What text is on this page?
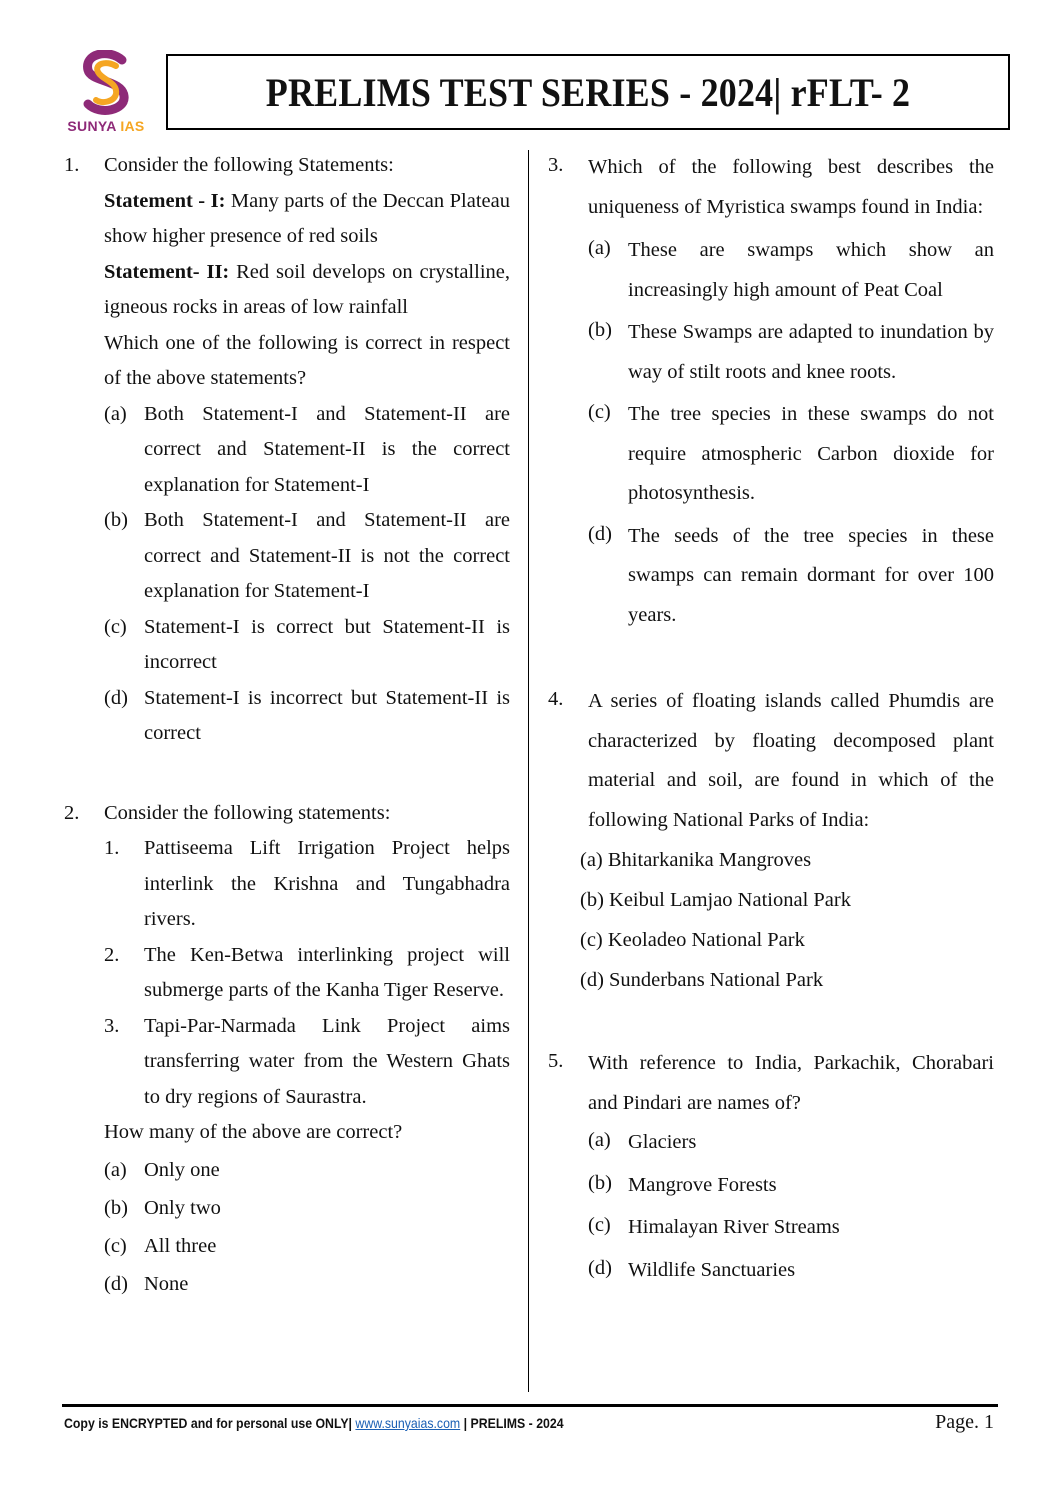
SUNYA IAS
PRELIMS TEST SERIES - 2024| rFLT- 2
1.	Consider the following Statements:
Statement - I: Many parts of the Deccan Plateau show higher presence of red soils
Statement- II: Red soil develops on crystalline, igneous rocks in areas of low rainfall
Which one of the following is correct in respect of the above statements?
(a) Both Statement-I and Statement-II are correct and Statement-II is the correct explanation for Statement-I
(b) Both Statement-I and Statement-II are correct and Statement-II is not the correct explanation for Statement-I
(c) Statement-I is correct but Statement-II is incorrect
(d) Statement-I is incorrect but Statement-II is correct
2.	Consider the following statements:
1.	Pattiseema Lift Irrigation Project helps interlink the Krishna and Tungabhadra rivers.
2.	The Ken-Betwa interlinking project will submerge parts of the Kanha Tiger Reserve.
3.	Tapi-Par-Narmada Link Project aims transferring water from the Western Ghats to dry regions of Saurastra.
How many of the above are correct?
(a) Only one
(b) Only two
(c) All three
(d) None
3.	Which of the following best describes the uniqueness of Myristica swamps found in India:
(a) These are swamps which show an increasingly high amount of Peat Coal
(b) These Swamps are adapted to inundation by way of stilt roots and knee roots.
(c) The tree species in these swamps do not require atmospheric Carbon dioxide for photosynthesis.
(d) The seeds of the tree species in these swamps can remain dormant for over 100 years.
4.	A series of floating islands called Phumdis are characterized by floating decomposed plant material and soil, are found in which of the following National Parks of India:
(a) Bhitarkanika Mangroves
(b) Keibul Lamjao National Park
(c) Keoladeo National Park
(d) Sunderbans National Park
5.	With reference to India, Parkachik, Chorabari and Pindari are names of?
(a) Glaciers
(b) Mangrove Forests
(c) Himalayan River Streams
(d) Wildlife Sanctuaries
Copy is ENCRYPTED and for personal use ONLY| www.sunyaias.com | PRELIMS - 2024	Page. 1
